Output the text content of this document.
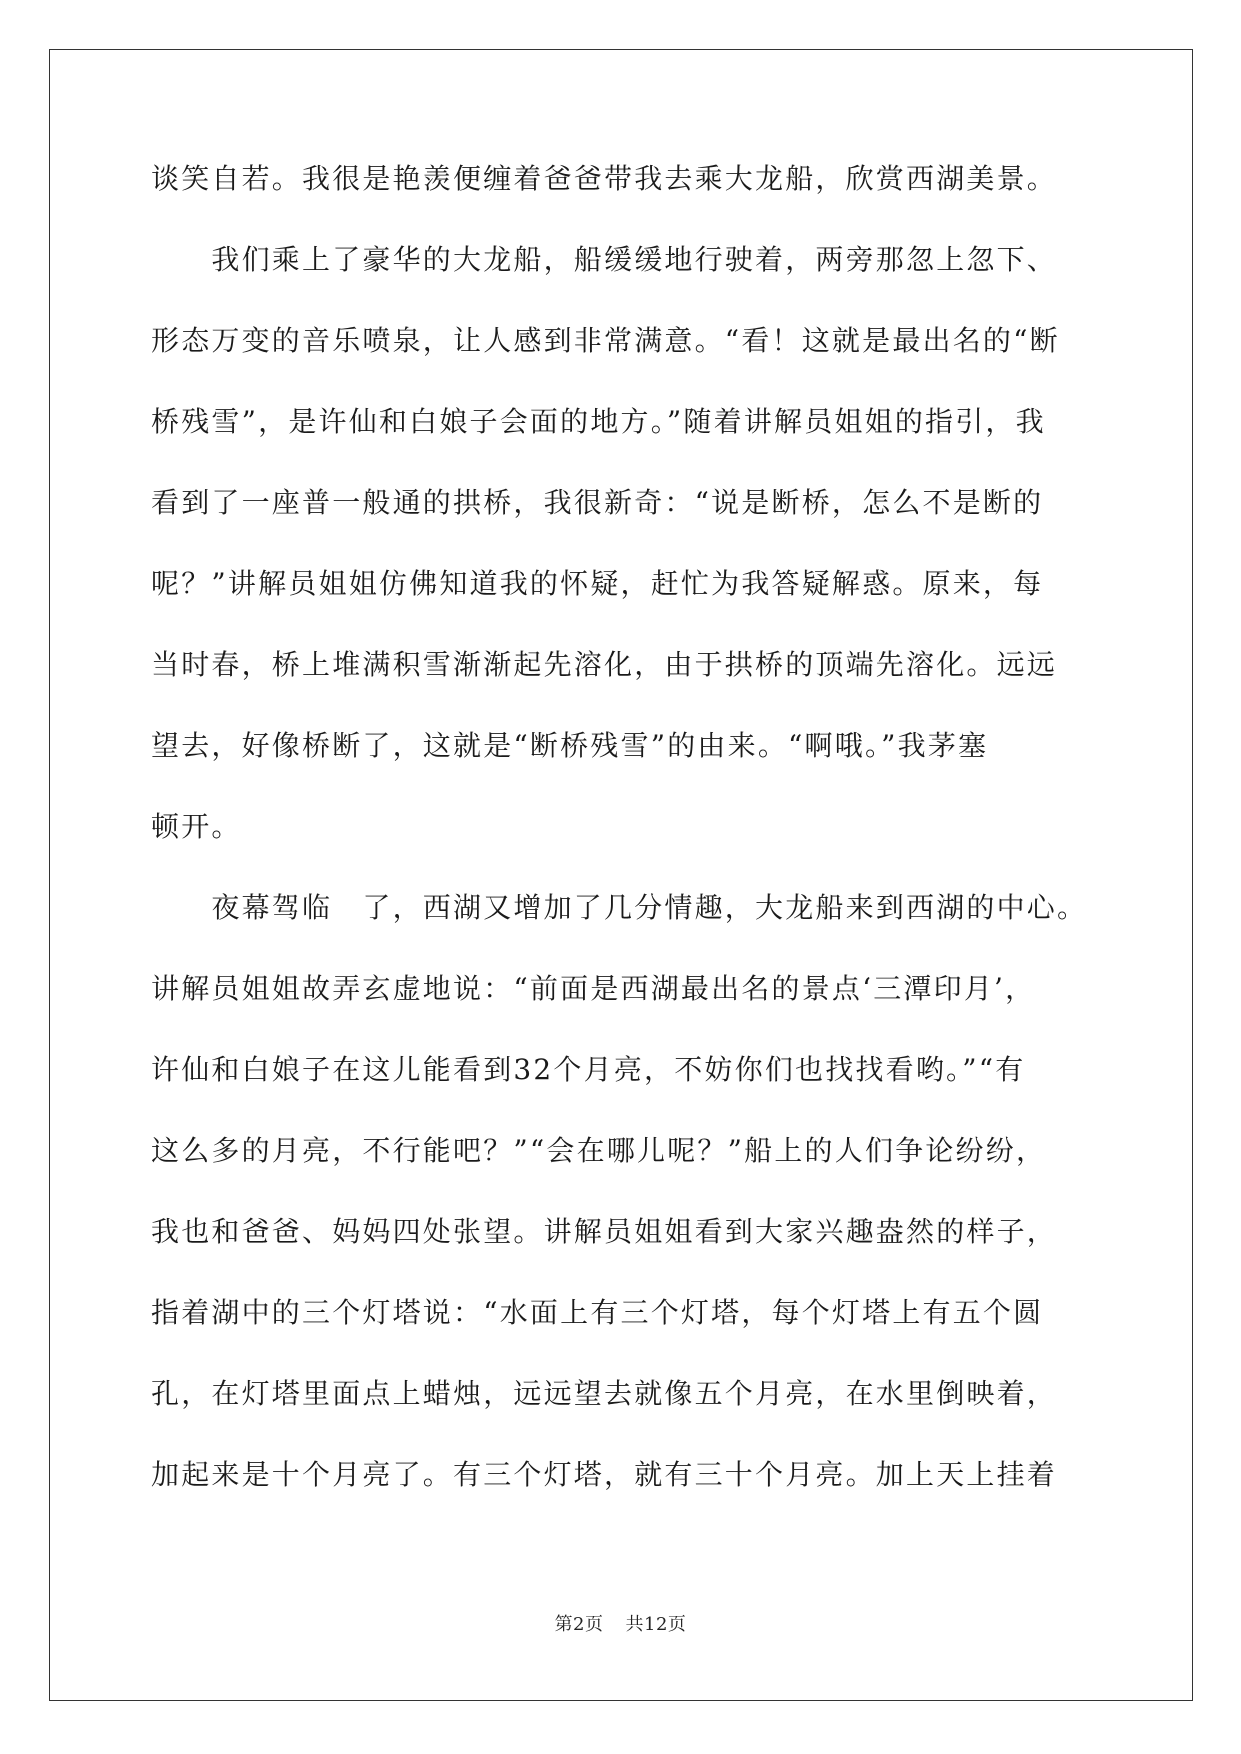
谈笑自若。我很是艳羡便缠着爸爸带我去乘大龙船，欣赏西湖美景。
　　我们乘上了豪华的大龙船，船缓缓地行驶着，两旁那忽上忽下、
形态万变的音乐喷泉，让人感到非常满意。“看！这就是最出名的“断
桥残雪”，是许仙和白娘子会面的地方。”随着讲解员姐姐的指引，我
看到了一座普一般通的拱桥，我很新奇：“说是断桥，怎么不是断的
呢？”讲解员姐姐仿佛知道我的怀疑，赶忙为我答疑解惑。原来，每
当时春，桥上堆满积雪渐渐起先溶化，由于拱桥的顶端先溶化。远远
望去，好像桥断了，这就是“断桥残雪”的由来。“啊哦。”我茅塞
顿开。
　　夜幕驾临　了，西湖又增加了几分情趣，大龙船来到西湖的中心。
讲解员姐姐故弄玄虚地说：“前面是西湖最出名的景点‘三潭印月’，
许仙和白娘子在这儿能看到32个月亮，不妨你们也找找看哟。”“有
这么多的月亮，不行能吧？”“会在哪儿呢？”船上的人们争论纷纷，
我也和爸爸、妈妈四处张望。讲解员姐姐看到大家兴趣盎然的样子，
指着湖中的三个灯塔说：“水面上有三个灯塔，每个灯塔上有五个圆
孔，在灯塔里面点上蜡烛，远远望去就像五个月亮，在水里倒映着，
加起来是十个月亮了。有三个灯塔，就有三十个月亮。加上天上挂着
第2页 共12页
